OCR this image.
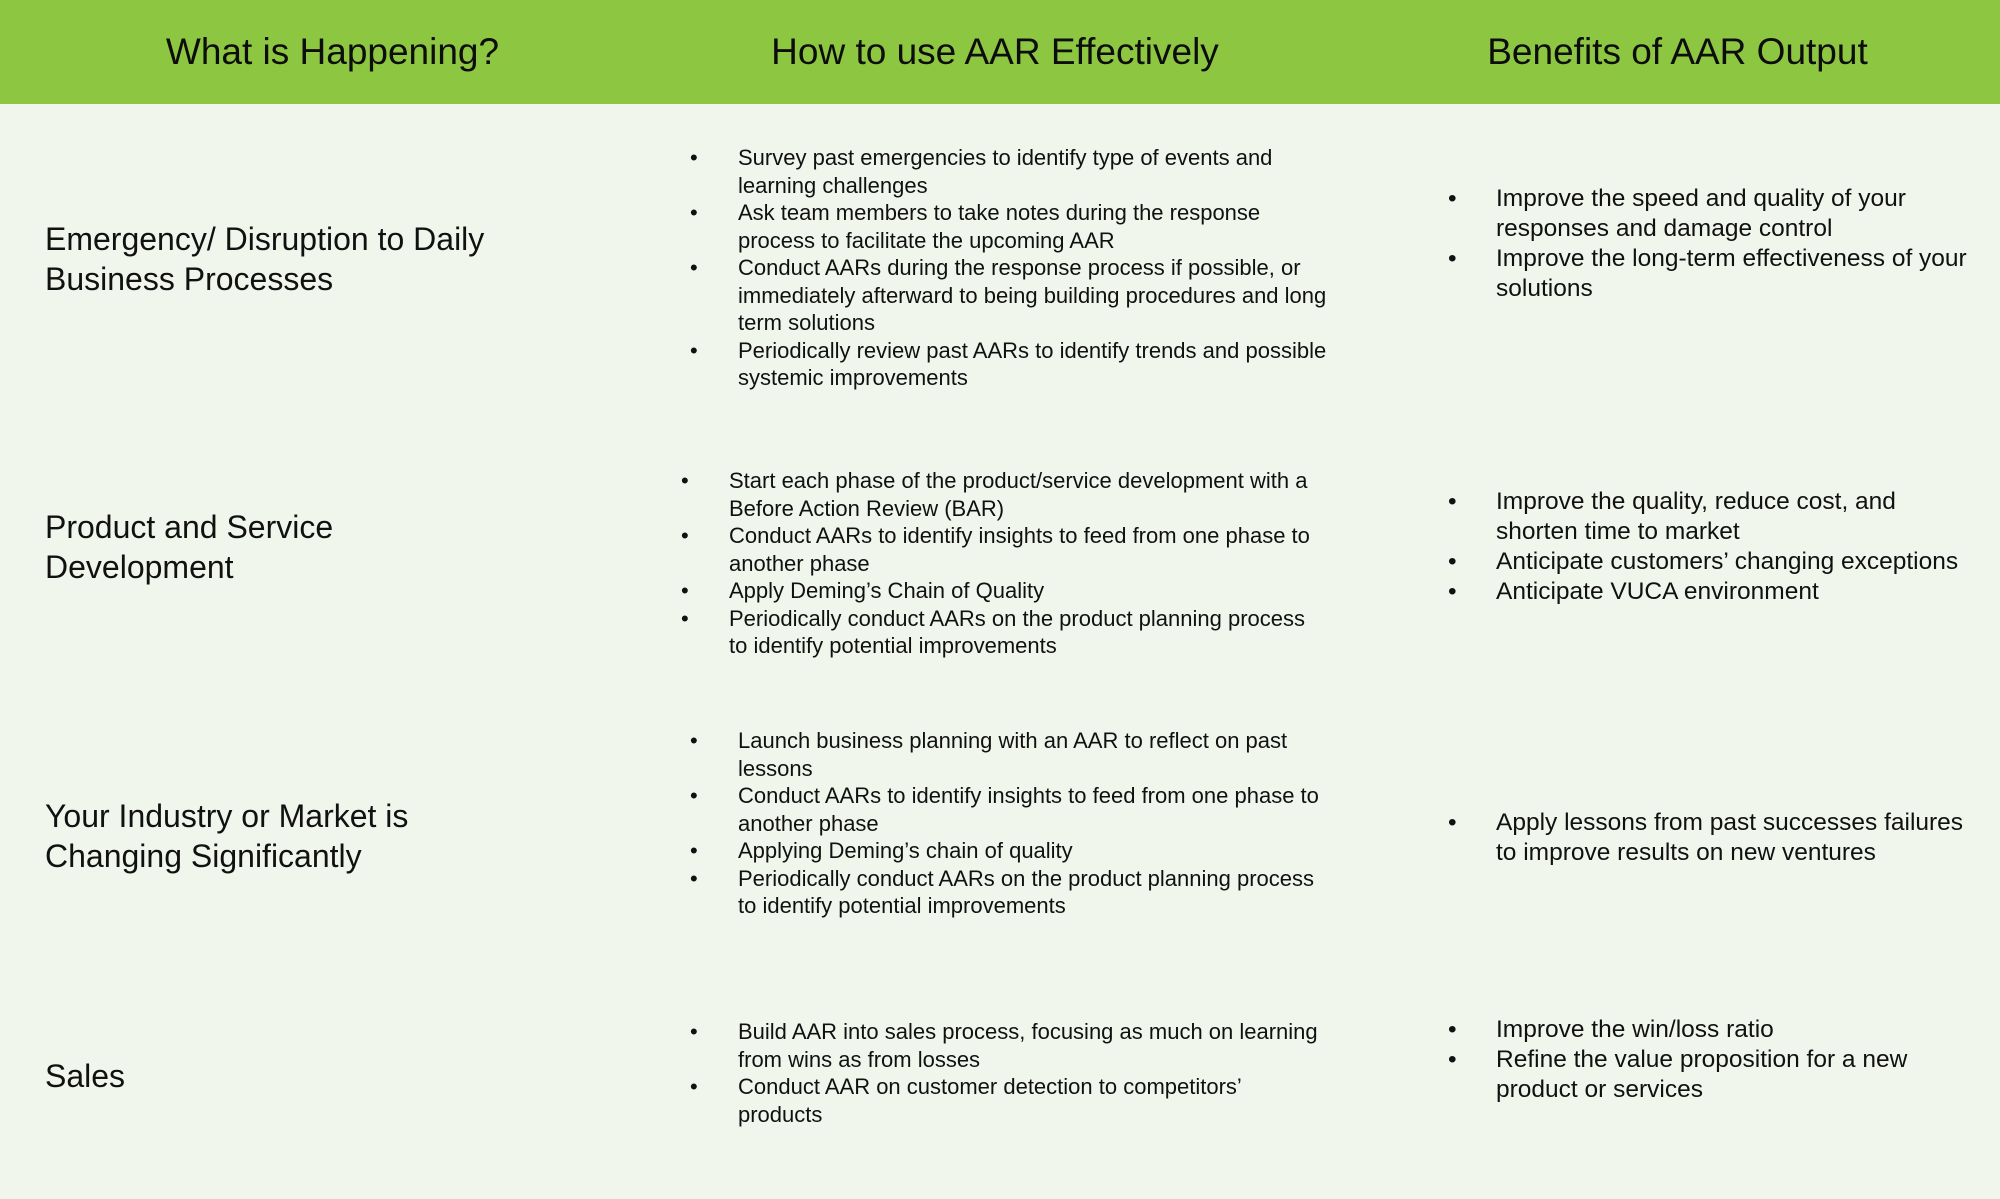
What is Happening?	How to use AAR Effectively	Benefits of AAR Output
Emergency/ Disruption to Daily
Business Processes
• Survey past emergencies to identify type of events and learning challenges
• Ask team members to take notes during the response process to facilitate the upcoming AAR
• Conduct AARs during the response process if possible, or immediately afterward to being building procedures and long term solutions
• Periodically review past AARs to identify trends and possible systemic improvements
• Improve the speed and quality of your responses and damage control
• Improve the long-term effectiveness of your solutions
Product and Service
Development
• Start each phase of the product/service development with a Before Action Review (BAR)
• Conduct AARs to identify insights to feed from one phase to another phase
• Apply Deming’s Chain of Quality
• Periodically conduct AARs on the product planning process to identify potential improvements
• Improve the quality, reduce cost, and shorten time to market
• Anticipate customers’ changing exceptions
• Anticipate VUCA environment
Your Industry or Market is
Changing Significantly
• Launch business planning with an AAR to reflect on past lessons
• Conduct AARs to identify insights to feed from one phase to another phase
• Applying Deming’s chain of quality
• Periodically conduct AARs on the product planning process to identify potential improvements
• Apply lessons from past successes failures to improve results on new ventures
Sales
• Build AAR into sales process, focusing as much on learning from wins as from losses
• Conduct AAR on customer detection to competitors’ products
• Improve the win/loss ratio
• Refine the value proposition for a new product or services
